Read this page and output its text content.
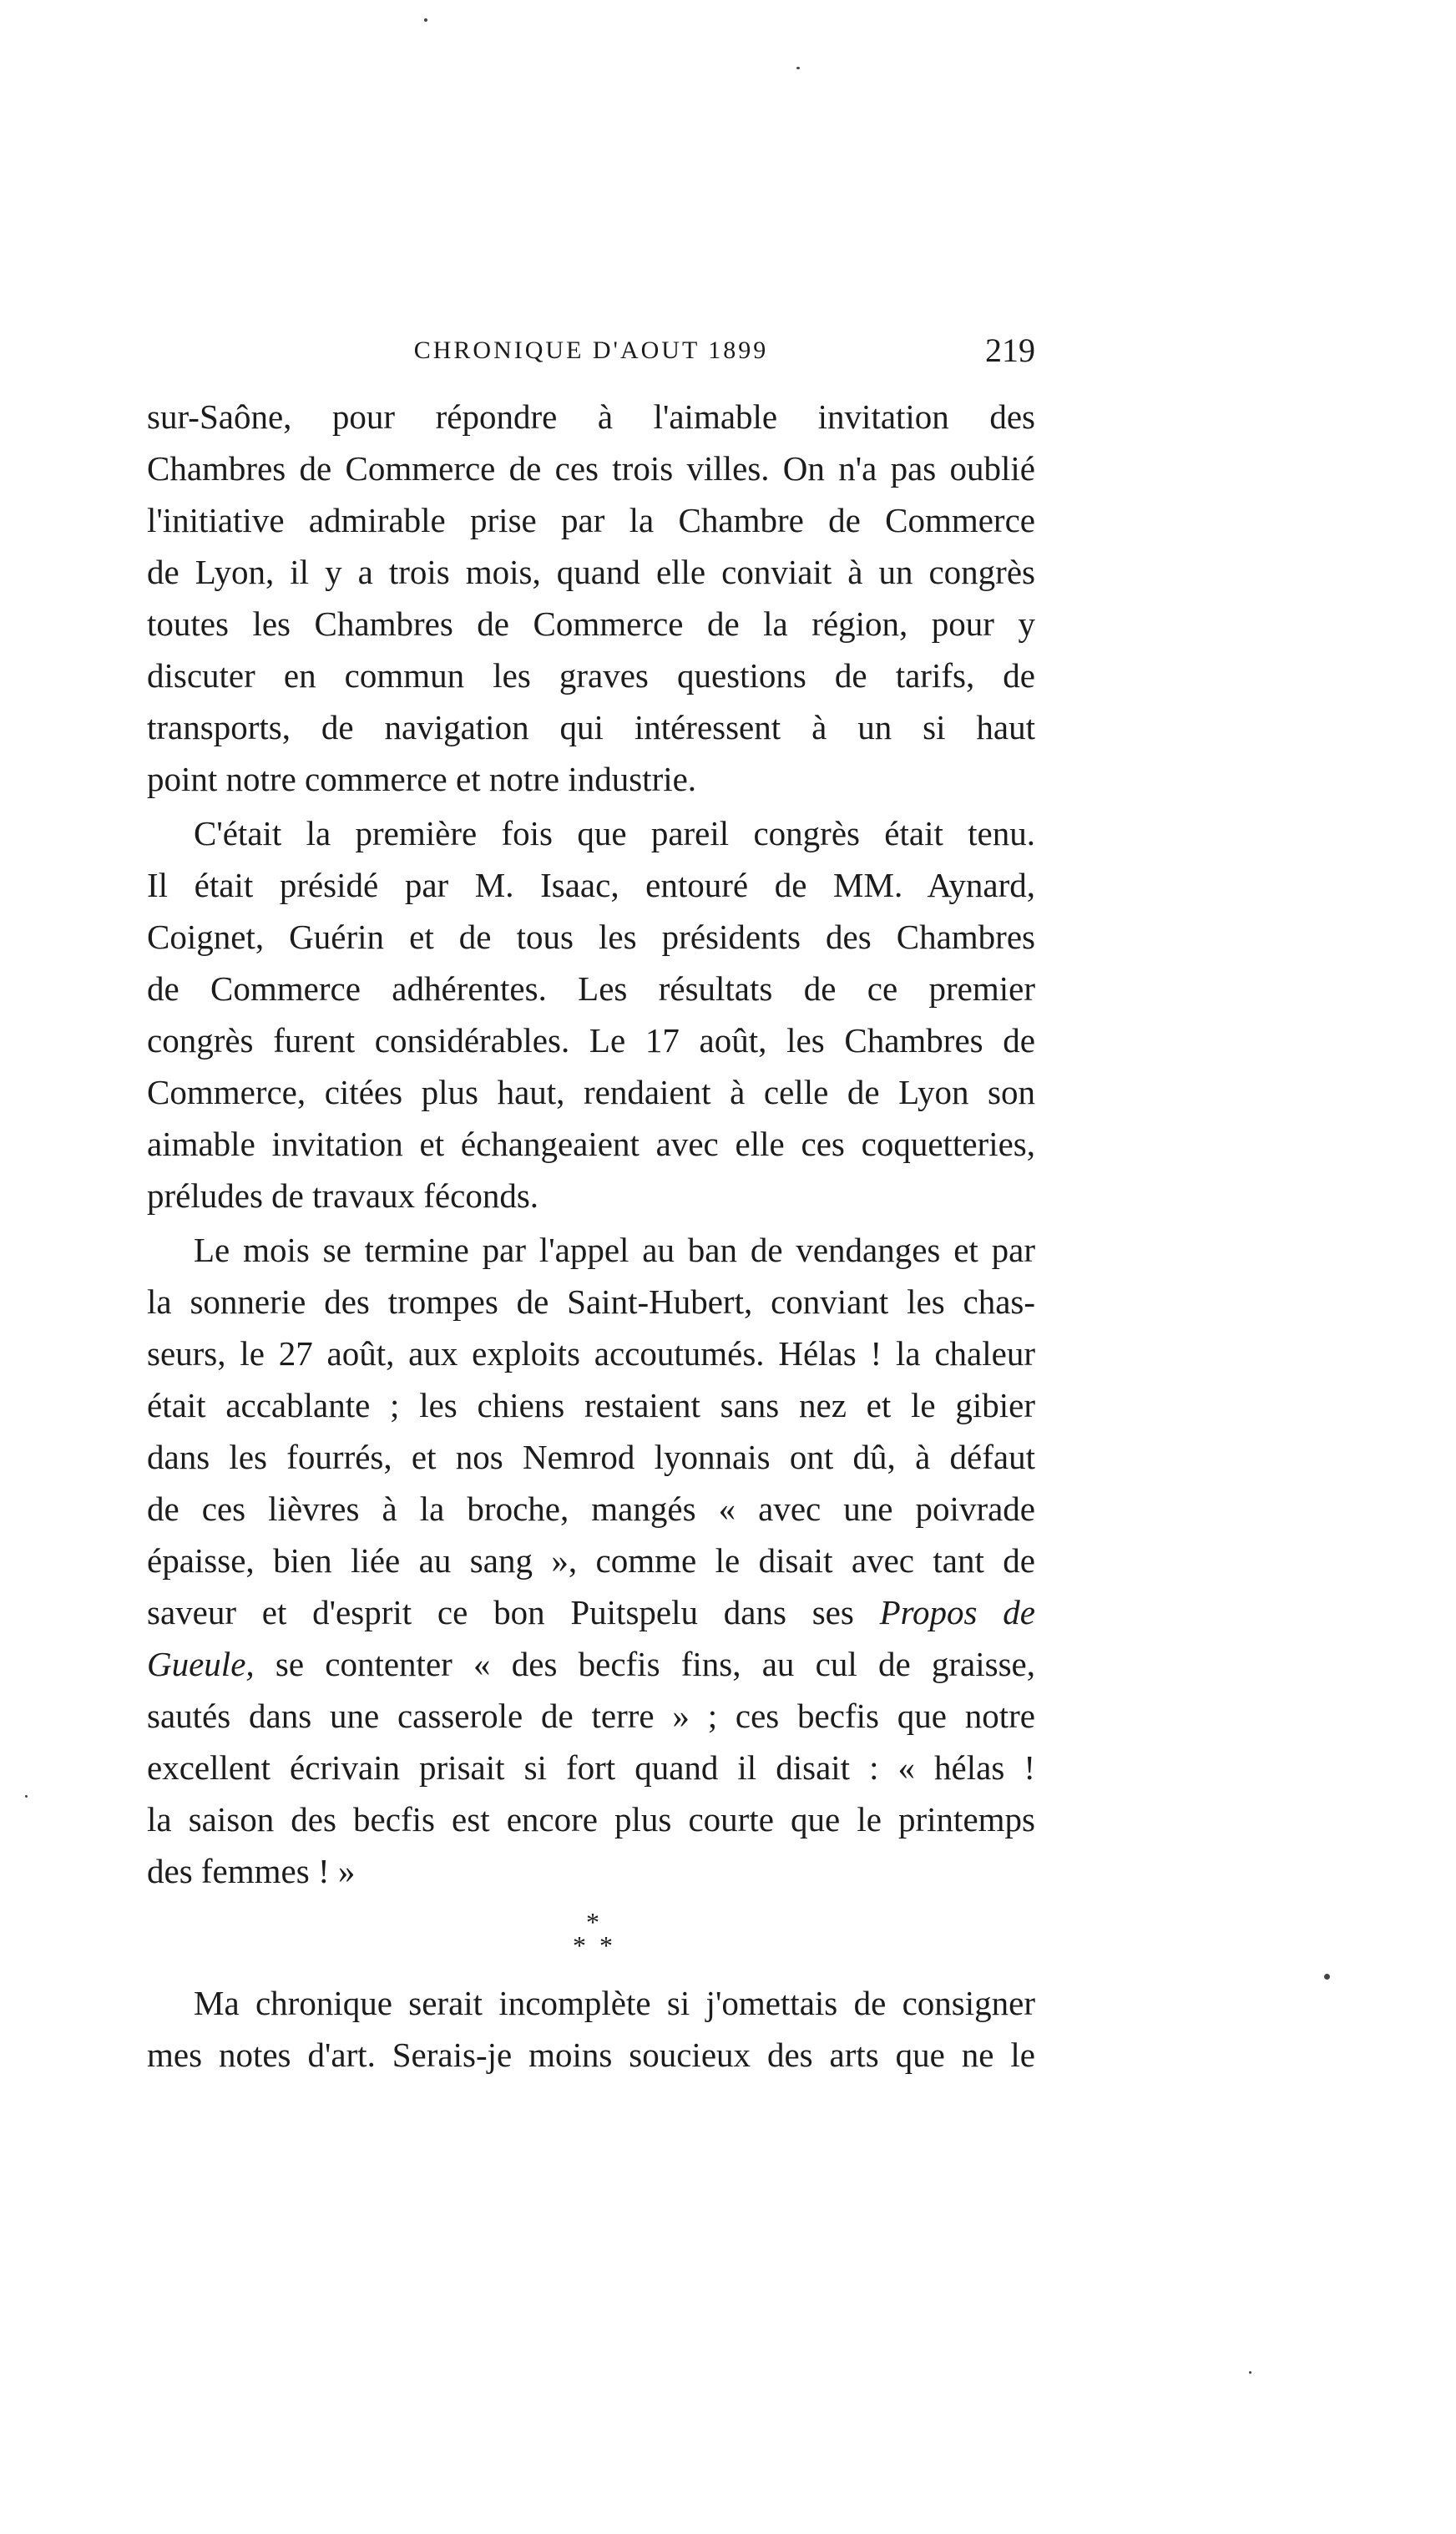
CHRONIQUE D'AOUT 1899	219
sur-Saône, pour répondre à l'aimable invitation des
Chambres de Commerce de ces trois villes. On n'a pas oublié
l'initiative admirable prise par la Chambre de Commerce
de Lyon, il y a trois mois, quand elle conviait à un congrès
toutes les Chambres de Commerce de la région, pour y
discuter en commun les graves questions de tarifs, de
transports, de navigation qui intéressent à un si haut
point notre commerce et notre industrie.
C'était la première fois que pareil congrès était tenu.
Il était présidé par M. Isaac, entouré de MM. Aynard,
Coignet, Guérin et de tous les présidents des Chambres
de Commerce adhérentes. Les résultats de ce premier
congrès furent considérables. Le 17 août, les Chambres de
Commerce, citées plus haut, rendaient à celle de Lyon son
aimable invitation et échangeaient avec elle ces coquetteries,
préludes de travaux féconds.
Le mois se termine par l'appel au ban de vendanges et par
la sonnerie des trompes de Saint-Hubert, conviant les chas-
seurs, le 27 août, aux exploits accoutumés. Hélas ! la chaleur
était accablante ; les chiens restaient sans nez et le gibier
dans les fourrés, et nos Nemrod lyonnais ont dû, à défaut
de ces lièvres à la broche, mangés « avec une poivrade
épaisse, bien liée au sang », comme le disait avec tant de
saveur et d'esprit ce bon Puitspelu dans ses Propos de
Gueule, se contenter « des becfis fins, au cul de graisse,
sautés dans une casserole de terre » ; ces becfis que notre
excellent écrivain prisait si fort quand il disait : « hélas !
la saison des becfis est encore plus courte que le printemps
des femmes ! »
*
* *
Ma chronique serait incomplète si j'omettais de consigner
mes notes d'art. Serais-je moins soucieux des arts que ne le
